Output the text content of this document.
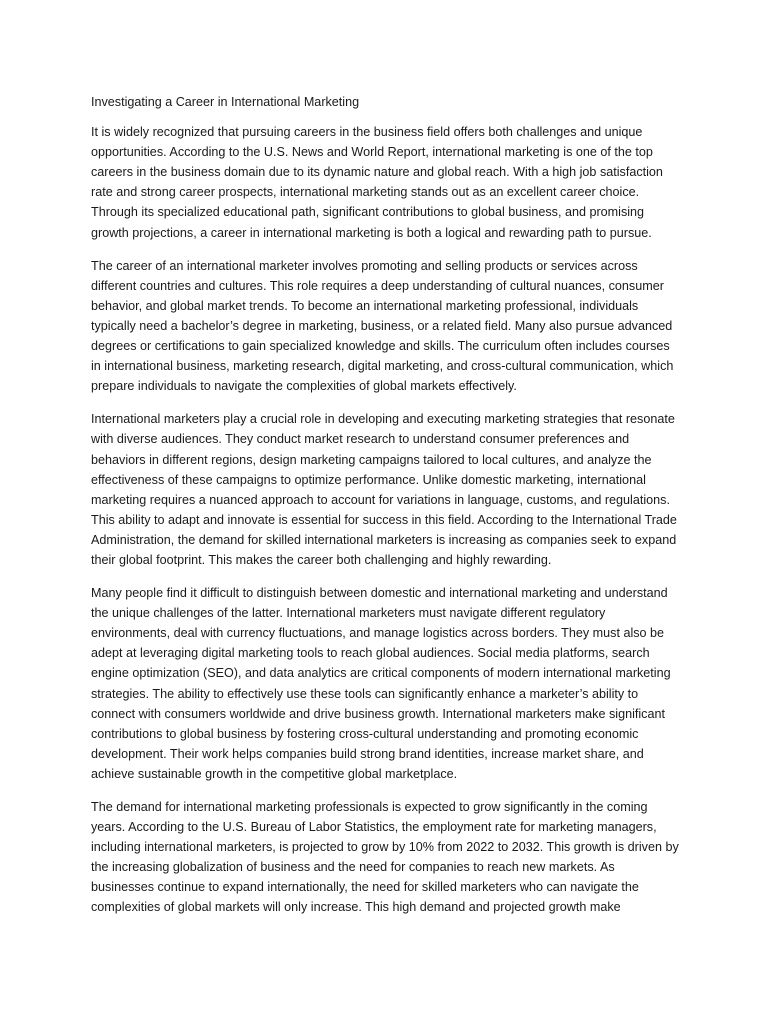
Investigating a Career in International Marketing

It is widely recognized that pursuing careers in the business field offers both challenges and unique opportunities. According to the U.S. News and World Report, international marketing is one of the top careers in the business domain due to its dynamic nature and global reach. With a high job satisfaction rate and strong career prospects, international marketing stands out as an excellent career choice. Through its specialized educational path, significant contributions to global business, and promising growth projections, a career in international marketing is both a logical and rewarding path to pursue.

The career of an international marketer involves promoting and selling products or services across different countries and cultures. This role requires a deep understanding of cultural nuances, consumer behavior, and global market trends. To become an international marketing professional, individuals typically need a bachelor’s degree in marketing, business, or a related field. Many also pursue advanced degrees or certifications to gain specialized knowledge and skills. The curriculum often includes courses in international business, marketing research, digital marketing, and cross-cultural communication, which prepare individuals to navigate the complexities of global markets effectively.

International marketers play a crucial role in developing and executing marketing strategies that resonate with diverse audiences. They conduct market research to understand consumer preferences and behaviors in different regions, design marketing campaigns tailored to local cultures, and analyze the effectiveness of these campaigns to optimize performance. Unlike domestic marketing, international marketing requires a nuanced approach to account for variations in language, customs, and regulations. This ability to adapt and innovate is essential for success in this field. According to the International Trade Administration, the demand for skilled international marketers is increasing as companies seek to expand their global footprint. This makes the career both challenging and highly rewarding.

Many people find it difficult to distinguish between domestic and international marketing and understand the unique challenges of the latter. International marketers must navigate different regulatory environments, deal with currency fluctuations, and manage logistics across borders. They must also be adept at leveraging digital marketing tools to reach global audiences. Social media platforms, search engine optimization (SEO), and data analytics are critical components of modern international marketing strategies. The ability to effectively use these tools can significantly enhance a marketer’s ability to connect with consumers worldwide and drive business growth. International marketers make significant contributions to global business by fostering cross-cultural understanding and promoting economic development. Their work helps companies build strong brand identities, increase market share, and achieve sustainable growth in the competitive global marketplace.

The demand for international marketing professionals is expected to grow significantly in the coming years. According to the U.S. Bureau of Labor Statistics, the employment rate for marketing managers, including international marketers, is projected to grow by 10% from 2022 to 2032. This growth is driven by the increasing globalization of business and the need for companies to reach new markets. As businesses continue to expand internationally, the need for skilled marketers who can navigate the complexities of global markets will only increase. This high demand and projected growth make
